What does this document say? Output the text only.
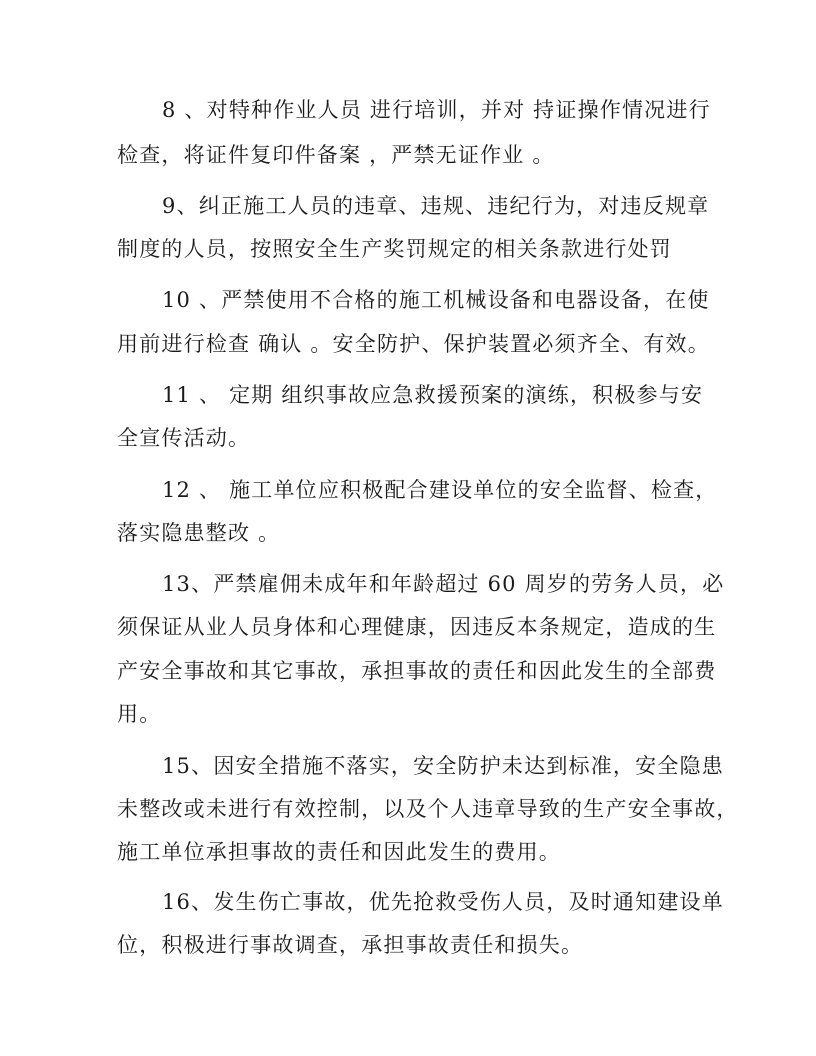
8 、对特种作业人员 进行培训，并对 持证操作情况进行
检查，将证件复印件备案 ，严禁无证作业 。
9、纠正施工人员的违章、违规、违纪行为，对违反规章
制度的人员，按照安全生产奖罚规定的相关条款进行处罚
10 、严禁使用不合格的施工机械设备和电器设备，在使
用前进行检查 确认 。安全防护、保护装置必须齐全、有效。
11 、 定期 组织事故应急救援预案的演练，积极参与安
全宣传活动。
12 、 施工单位应积极配合建设单位的安全监督、检查，
落实隐患整改 。
13、严禁雇佣未成年和年龄超过 60 周岁的劳务人员，必
须保证从业人员身体和心理健康，因违反本条规定，造成的生
产安全事故和其它事故，承担事故的责任和因此发生的全部费
用。
15、因安全措施不落实，安全防护未达到标准，安全隐患
未整改或未进行有效控制，以及个人违章导致的生产安全事故，
施工单位承担事故的责任和因此发生的费用。
16、发生伤亡事故，优先抢救受伤人员，及时通知建设单
位，积极进行事故调查，承担事故责任和损失。
